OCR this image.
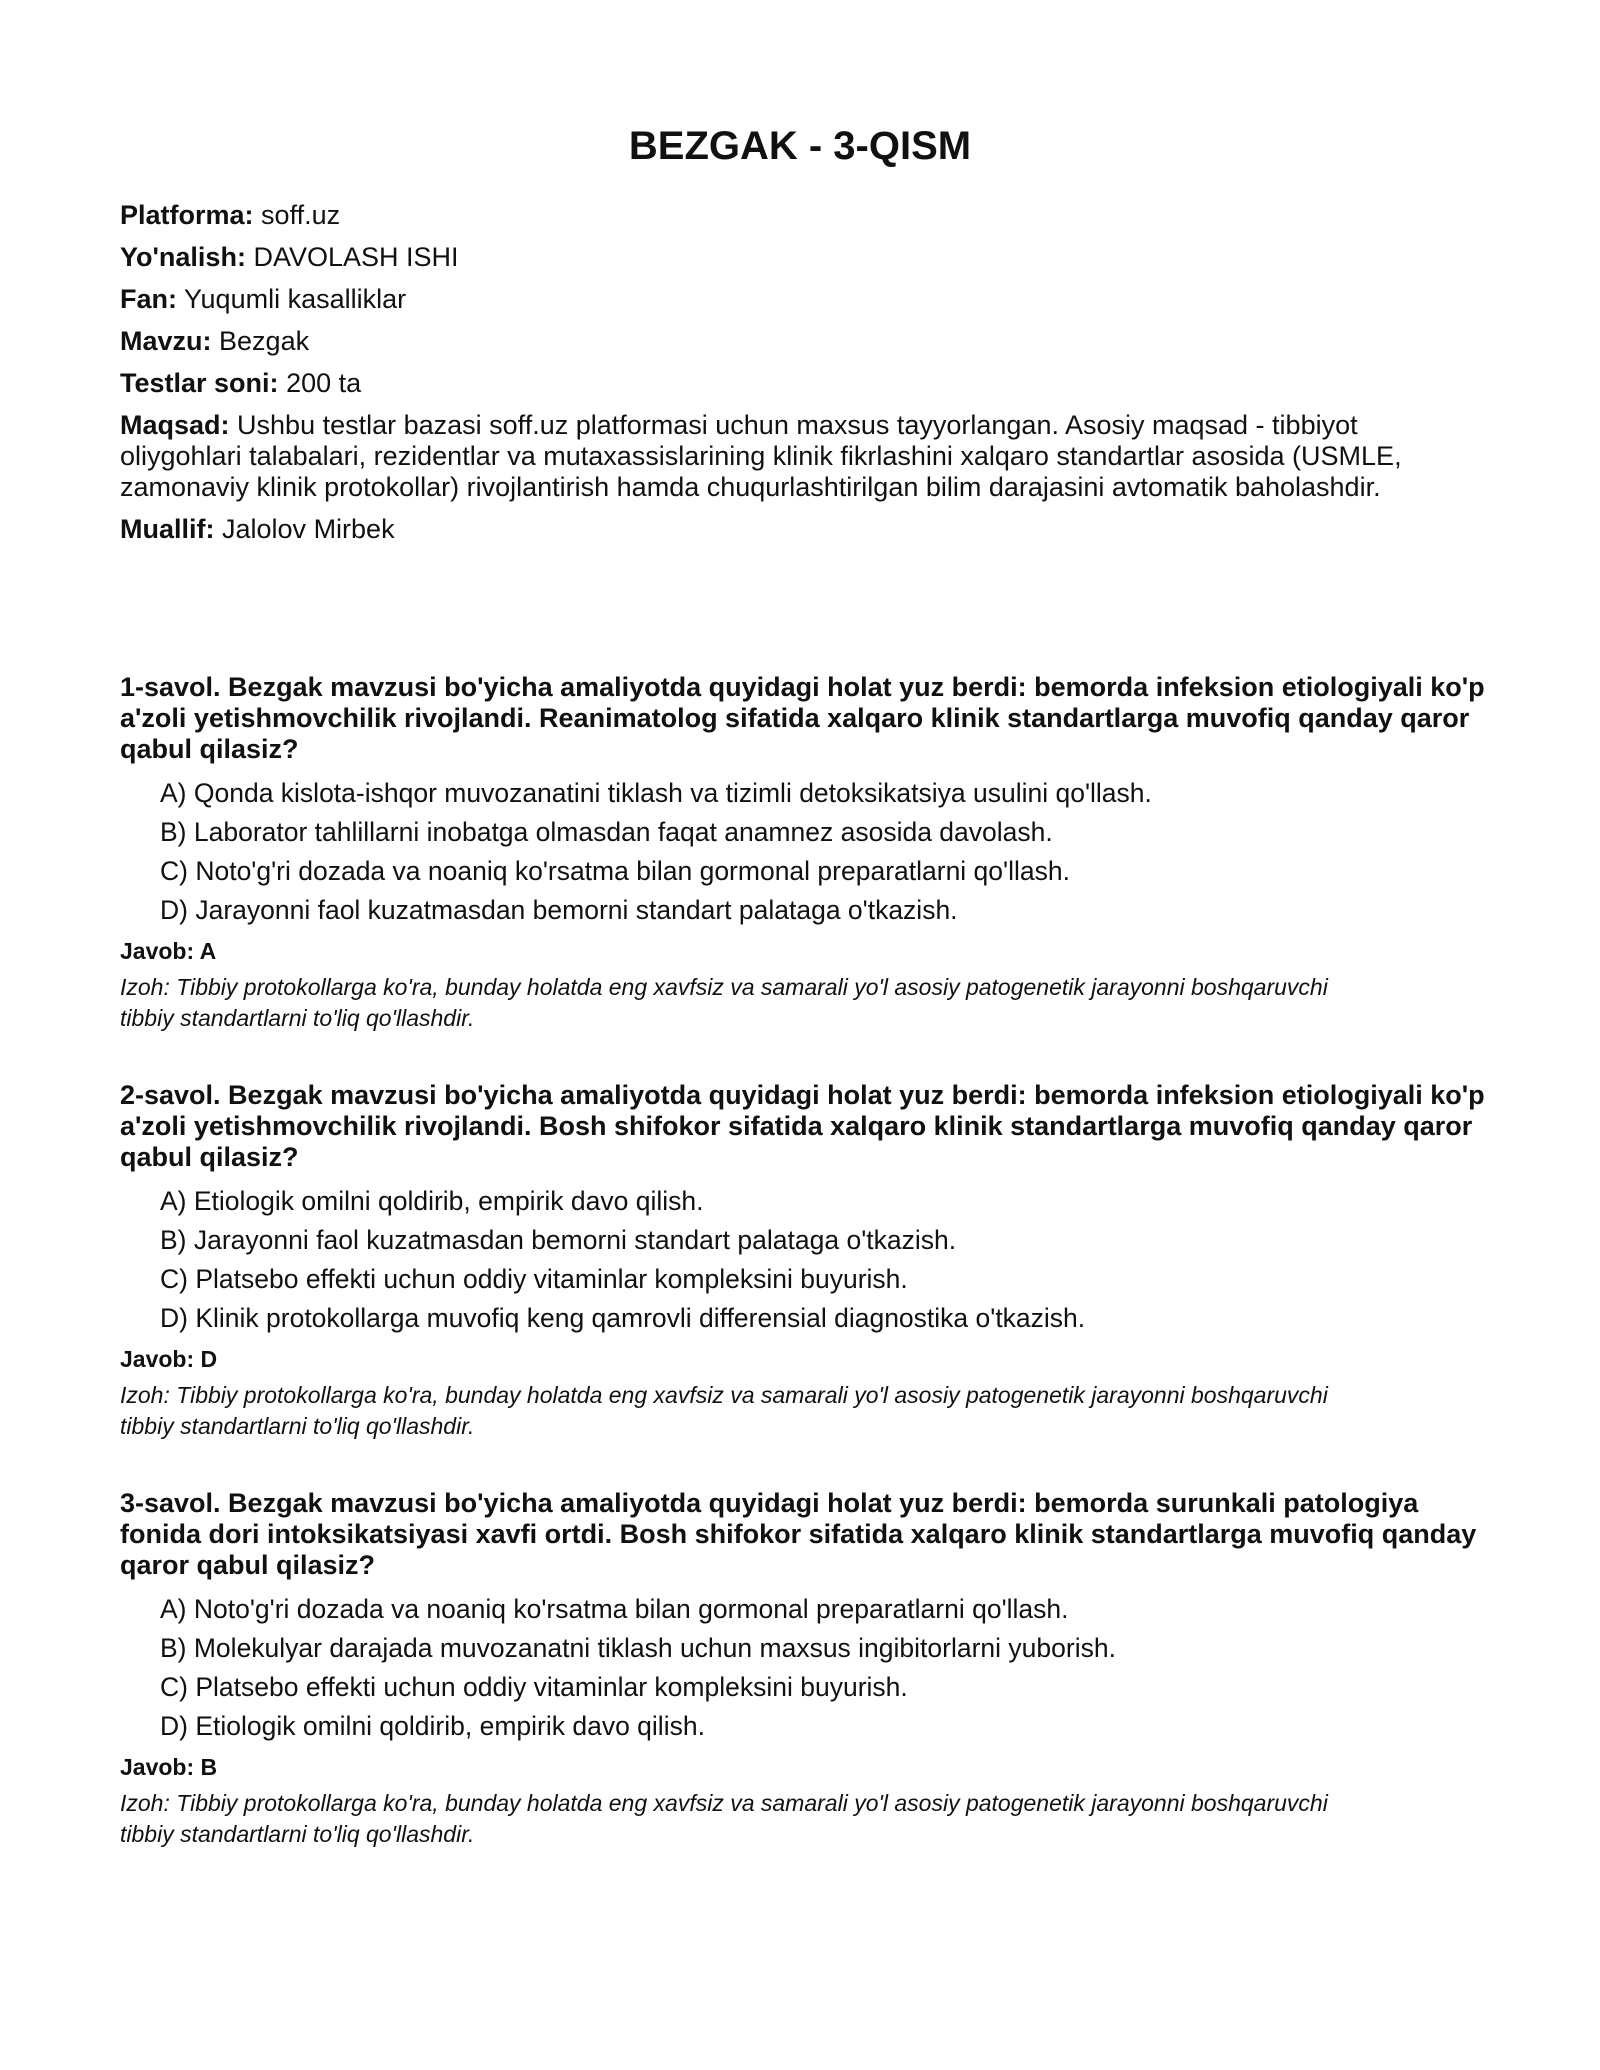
BEZGAK - 3-QISM
Platforma: soff.uz
Yo'nalish: DAVOLASH ISHI
Fan: Yuqumli kasalliklar
Mavzu: Bezgak
Testlar soni: 200 ta
Maqsad: Ushbu testlar bazasi soff.uz platformasi uchun maxsus tayyorlangan. Asosiy maqsad - tibbiyot oliygohlari talabalari, rezidentlar va mutaxassislarining klinik fikrlashini xalqaro standartlar asosida (USMLE, zamonaviy klinik protokollar) rivojlantirish hamda chuqurlashtirilgan bilim darajasini avtomatik baholashdir.
Muallif: Jalolov Mirbek

1-savol. Bezgak mavzusi bo'yicha amaliyotda quyidagi holat yuz berdi: bemorda infeksion etiologiyali ko'p a'zoli yetishmovchilik rivojlandi. Reanimatolog sifatida xalqaro klinik standartlarga muvofiq qanday qaror qabul qilasiz?

A) Qonda kislota-ishqor muvozanatini tiklash va tizimli detoksikatsiya usulini qo'llash.
B) Laborator tahlillarni inobatga olmasdan faqat anamnez asosida davolash.
C) Noto'g'ri dozada va noaniq ko'rsatma bilan gormonal preparatlarni qo'llash.
D) Jarayonni faol kuzatmasdan bemorni standart palataga o'tkazish.
Javob: A
Izoh: Tibbiy protokollarga ko'ra, bunday holatda eng xavfsiz va samarali yo'l asosiy patogenetik jarayonni boshqaruvchi tibbiy standartlarni to'liq qo'llashdir.

2-savol. Bezgak mavzusi bo'yicha amaliyotda quyidagi holat yuz berdi: bemorda infeksion etiologiyali ko'p a'zoli yetishmovchilik rivojlandi. Bosh shifokor sifatida xalqaro klinik standartlarga muvofiq qanday qaror qabul qilasiz?

A) Etiologik omilni qoldirib, empirik davo qilish.
B) Jarayonni faol kuzatmasdan bemorni standart palataga o'tkazish.
C) Platsebo effekti uchun oddiy vitaminlar kompleksini buyurish.
D) Klinik protokollarga muvofiq keng qamrovli differensial diagnostika o'tkazish.
Javob: D
Izoh: Tibbiy protokollarga ko'ra, bunday holatda eng xavfsiz va samarali yo'l asosiy patogenetik jarayonni boshqaruvchi tibbiy standartlarni to'liq qo'llashdir.

3-savol. Bezgak mavzusi bo'yicha amaliyotda quyidagi holat yuz berdi: bemorda surunkali patologiya fonida dori intoksikatsiyasi xavfi ortdi. Bosh shifokor sifatida xalqaro klinik standartlarga muvofiq qanday qaror qabul qilasiz?

A) Noto'g'ri dozada va noaniq ko'rsatma bilan gormonal preparatlarni qo'llash.
B) Molekulyar darajada muvozanatni tiklash uchun maxsus ingibitorlarni yuborish.
C) Platsebo effekti uchun oddiy vitaminlar kompleksini buyurish.
D) Etiologik omilni qoldirib, empirik davo qilish.
Javob: B
Izoh: Tibbiy protokollarga ko'ra, bunday holatda eng xavfsiz va samarali yo'l asosiy patogenetik jarayonni boshqaruvchi tibbiy standartlarni to'liq qo'llashdir.
